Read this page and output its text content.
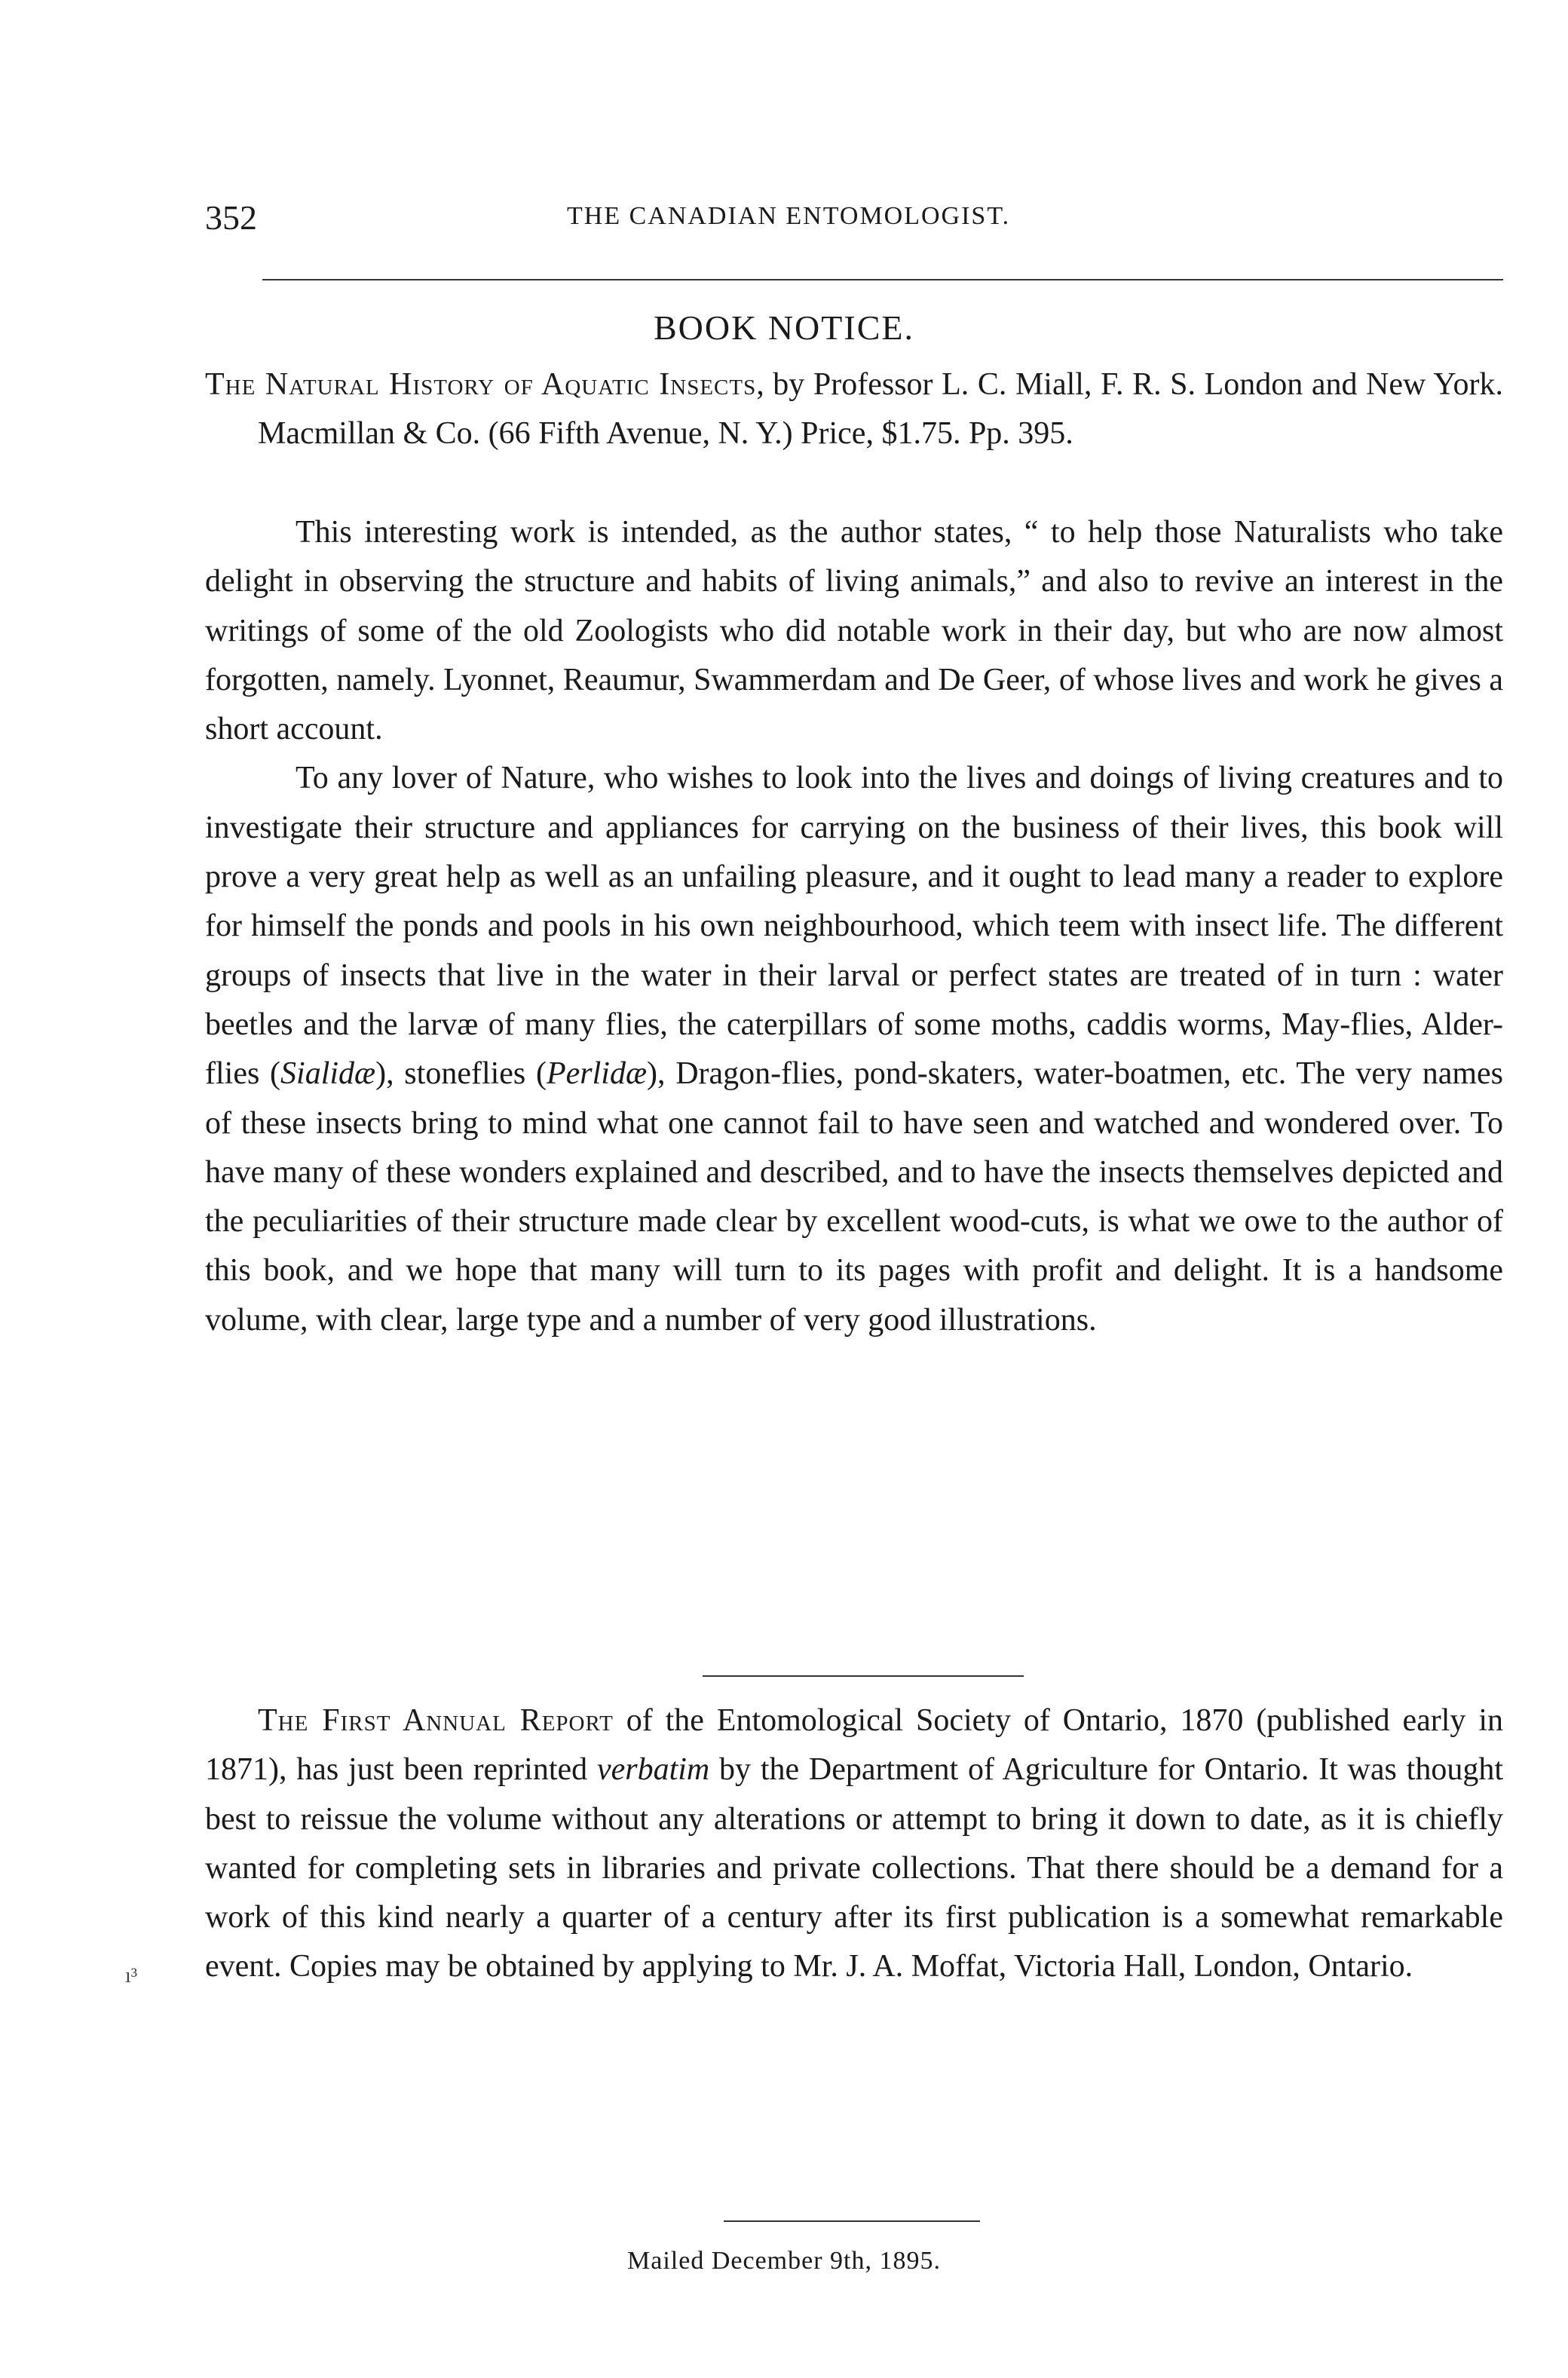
352	THE CANADIAN ENTOMOLOGIST.
BOOK NOTICE.

The Natural History of Aquatic Insects, by Professor L. C. Miall, F. R. S. London and New York. Macmillan & Co. (66 Fifth Avenue, N. Y.) Price, $1.75. Pp. 395.

This interesting work is intended, as the author states, “ to help those Naturalists who take delight in observing the structure and habits of living animals,” and also to revive an interest in the writings of some of the old Zoologists who did notable work in their day, but who are now almost forgotten, namely. Lyonnet, Reaumur, Swammerdam and De Geer, of whose lives and work he gives a short account.

To any lover of Nature, who wishes to look into the lives and doings of living creatures and to investigate their structure and appliances for carrying on the business of their lives, this book will prove a very great help as well as an unfailing pleasure, and it ought to lead many a reader to explore for himself the ponds and pools in his own neighbourhood, which teem with insect life. The different groups of insects that live in the water in their larval or perfect states are treated of in turn : water beetles and the larvæ of many flies, the caterpillars of some moths, caddis worms, May-flies, Alder-flies (Sialidæ), stoneflies (Perlidæ), Dragon-flies, pond-skaters, water-boatmen, etc. The very names of these insects bring to mind what one cannot fail to have seen and watched and wondered over. To have many of these wonders explained and described, and to have the insects themselves depicted and the peculiarities of their structure made clear by excellent wood-cuts, is what we owe to the author of this book, and we hope that many will turn to its pages with profit and delight. It is a handsome volume, with clear, large type and a number of very good illustrations.

The First Annual Report of the Entomological Society of Ontario, 1870 (published early in 1871), has just been reprinted verbatim by the Department of Agriculture for Ontario. It was thought best to reissue the volume without any alterations or attempt to bring it down to date, as it is chiefly wanted for completing sets in libraries and private collections. That there should be a demand for a work of this kind nearly a quarter of a century after its first publication is a somewhat remarkable event. Copies may be obtained by applying to Mr. J. A. Moffat, Victoria Hall, London, Ontario.

ı³
Mailed December 9th, 1895.
